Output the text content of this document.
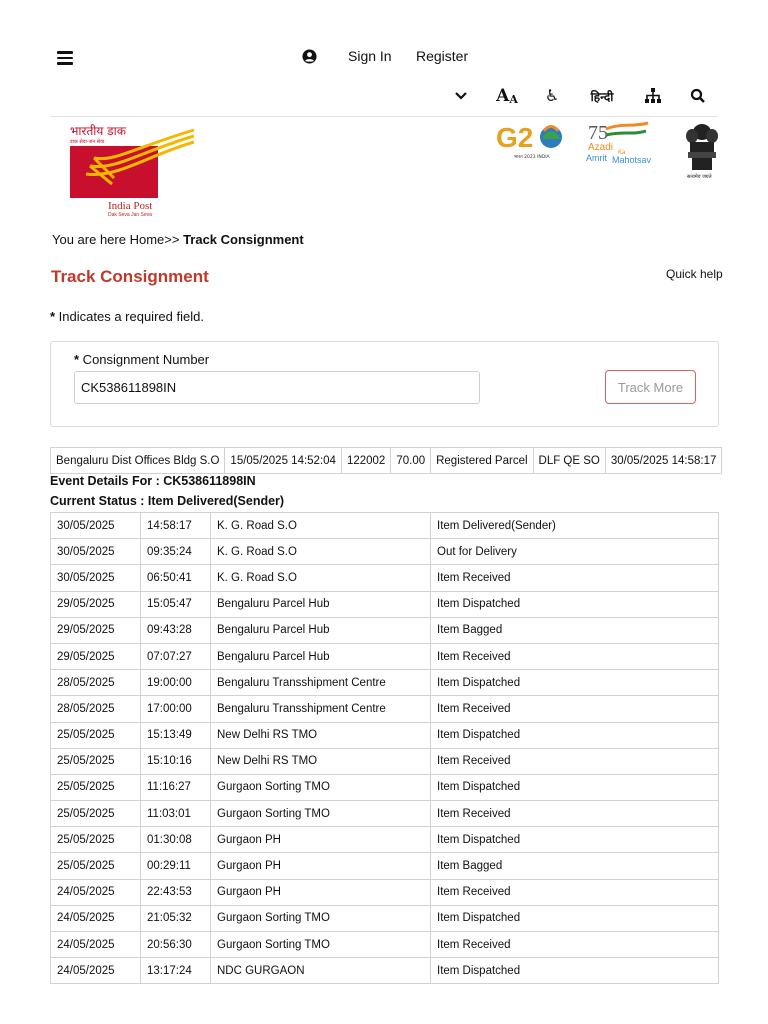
Sign In Register
A A ♿	हिन्दी
भारतीय डाक
डाक सेवा-जन सेवा
India Post
Dak Seva Jan Seva
G2
भारत 2023 INDIA
75
Azadi Ka
Amrit Mahotsav
सत्यमेव जयते
You are here Home>> Track Consignment
Track Consignment	Quick help
* Indicates a required field.
* Consignment Number
CK538611898IN
Track More
Bengaluru Dist Offices Bldg S.O	15/05/2025 14:52:04	122002	70.00	Registered Parcel	DLF QE SO	30/05/2025 14:58:17
Event Details For : CK538611898IN
Current Status : Item Delivered(Sender)
30/05/2025	14:58:17	K. G. Road S.O	Item Delivered(Sender)
30/05/2025	09:35:24	K. G. Road S.O	Out for Delivery
30/05/2025	06:50:41	K. G. Road S.O	Item Received
29/05/2025	15:05:47	Bengaluru Parcel Hub	Item Dispatched
29/05/2025	09:43:28	Bengaluru Parcel Hub	Item Bagged
29/05/2025	07:07:27	Bengaluru Parcel Hub	Item Received
28/05/2025	19:00:00	Bengaluru Transshipment Centre	Item Dispatched
28/05/2025	17:00:00	Bengaluru Transshipment Centre	Item Received
25/05/2025	15:13:49	New Delhi RS TMO	Item Dispatched
25/05/2025	15:10:16	New Delhi RS TMO	Item Received
25/05/2025	11:16:27	Gurgaon Sorting TMO	Item Dispatched
25/05/2025	11:03:01	Gurgaon Sorting TMO	Item Received
25/05/2025	01:30:08	Gurgaon PH	Item Dispatched
25/05/2025	00:29:11	Gurgaon PH	Item Bagged
24/05/2025	22:43:53	Gurgaon PH	Item Received
24/05/2025	21:05:32	Gurgaon Sorting TMO	Item Dispatched
24/05/2025	20:56:30	Gurgaon Sorting TMO	Item Received
24/05/2025	13:17:24	NDC GURGAON	Item Dispatched
